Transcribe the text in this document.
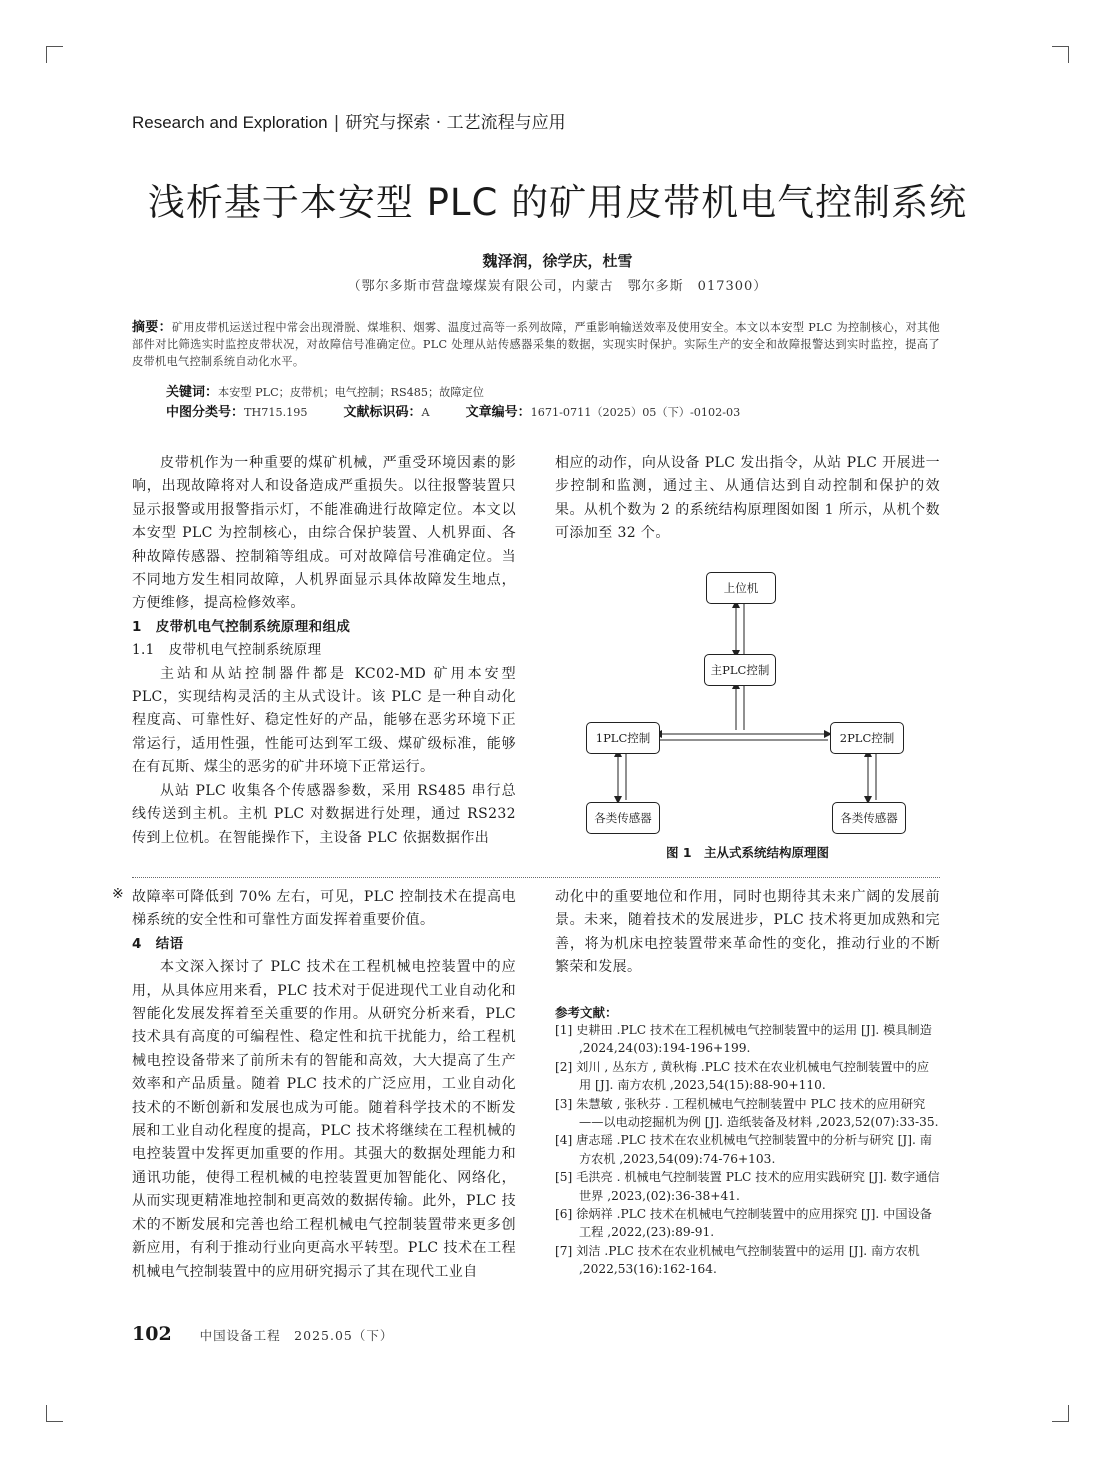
Research and Exploration | 研究与探索 · 工艺流程与应用
浅析基于本安型 PLC 的矿用皮带机电气控制系统
魏泽润，徐学庆，杜雪
（鄂尔多斯市营盘壕煤炭有限公司，内蒙古　鄂尔多斯　017300）
摘要：矿用皮带机运送过程中常会出现滑脱、煤堆积、烟雾、温度过高等一系列故障，严重影响输送效率及使用安全。本文以本安型 PLC 为控制核心，对其他部件对比筛选实时监控皮带状况，对故障信号准确定位。PLC 处理从站传感器采集的数据，实现实时保护。实际生产的安全和故障报警达到实时监控，提高了皮带机电气控制系统自动化水平。
关键词：本安型 PLC；皮带机；电气控制；RS485；故障定位
中图分类号：TH715.195	文献标识码：A	文章编号：1671-0711（2025）05（下）-0102-03

皮带机作为一种重要的煤矿机械，严重受环境因素的影响，出现故障将对人和设备造成严重损失。以往报警装置只显示报警或用报警指示灯，不能准确进行故障定位。本文以本安型 PLC 为控制核心，由综合保护装置、人机界面、各种故障传感器、控制箱等组成。可对故障信号准确定位。当不同地方发生相同故障，人机界面显示具体故障发生地点，方便维修，提高检修效率。

1　皮带机电气控制系统原理和组成

1.1　皮带机电气控制系统原理

主站和从站控制器件都是 KC02-MD 矿用本安型 PLC，实现结构灵活的主从式设计。该 PLC 是一种自动化程度高、可靠性好、稳定性好的产品，能够在恶劣环境下正常运行，适用性强，性能可达到军工级、煤矿级标准，能够在有瓦斯、煤尘的恶劣的矿井环境下正常运行。

从站 PLC 收集各个传感器参数，采用 RS485 串行总线传送到主机。主机 PLC 对数据进行处理，通过 RS232 传到上位机。在智能操作下，主设备 PLC 依据数据作出

相应的动作，向从设备 PLC 发出指令，从站 PLC 开展进一步控制和监测，通过主、从通信达到自动控制和保护的效果。从机个数为 2 的系统结构原理图如图 1 所示，从机个数可添加至 32 个。

上位机
主PLC控制
1PLC控制	2PLC控制
各类传感器	各类传感器
图 1　主从式系统结构原理图
※ 故障率可降低到 70% 左右，可见，PLC 控制技术在提高电梯系统的安全性和可靠性方面发挥着重要价值。

4　结语

本文深入探讨了 PLC 技术在工程机械电控装置中的应用，从具体应用来看，PLC 技术对于促进现代工业自动化和智能化发展发挥着至关重要的作用。从研究分析来看，PLC 技术具有高度的可编程性、稳定性和抗干扰能力，给工程机械电控设备带来了前所未有的智能和高效，大大提高了生产效率和产品质量。随着 PLC 技术的广泛应用，工业自动化技术的不断创新和发展也成为可能。随着科学技术的不断发展和工业自动化程度的提高，PLC 技术将继续在工程机械的电控装置中发挥更加重要的作用。其强大的数据处理能力和通讯功能，使得工程机械的电控装置更加智能化、网络化，从而实现更精准地控制和更高效的数据传输。此外，PLC 技术的不断发展和完善也给工程机械电气控制装置带来更多创新应用，有利于推动行业向更高水平转型。PLC 技术在工程机械电气控制装置中的应用研究揭示了其在现代工业自

动化中的重要地位和作用，同时也期待其未来广阔的发展前景。未来，随着技术的发展进步，PLC 技术将更加成熟和完善，将为机床电控装置带来革命性的变化，推动行业的不断繁荣和发展。

参考文献：
[1] 史耕田 .PLC 技术在工程机械电气控制装置中的运用 [J]. 模具制造 ,2024,24(03):194-196+199.
[2] 刘川 , 丛东方 , 黄秋梅 .PLC 技术在农业机械电气控制装置中的应用 [J]. 南方农机 ,2023,54(15):88-90+110.
[3] 朱慧敏 , 张秋芬 . 工程机械电气控制装置中 PLC 技术的应用研究——以电动挖掘机为例 [J]. 造纸装备及材料 ,2023,52(07):33-35.
[4] 唐志瑶 .PLC 技术在农业机械电气控制装置中的分析与研究 [J]. 南方农机 ,2023,54(09):74-76+103.
[5] 毛洪亮 . 机械电气控制装置 PLC 技术的应用实践研究 [J]. 数字通信世界 ,2023,(02):36-38+41.
[6] 徐炳祥 .PLC 技术在机械电气控制装置中的应用探究 [J]. 中国设备工程 ,2022,(23):89-91.
[7] 刘洁 .PLC 技术在农业机械电气控制装置中的运用 [J]. 南方农机 ,2022,53(16):162-164.
102 中国设备工程　2025.05（下）
